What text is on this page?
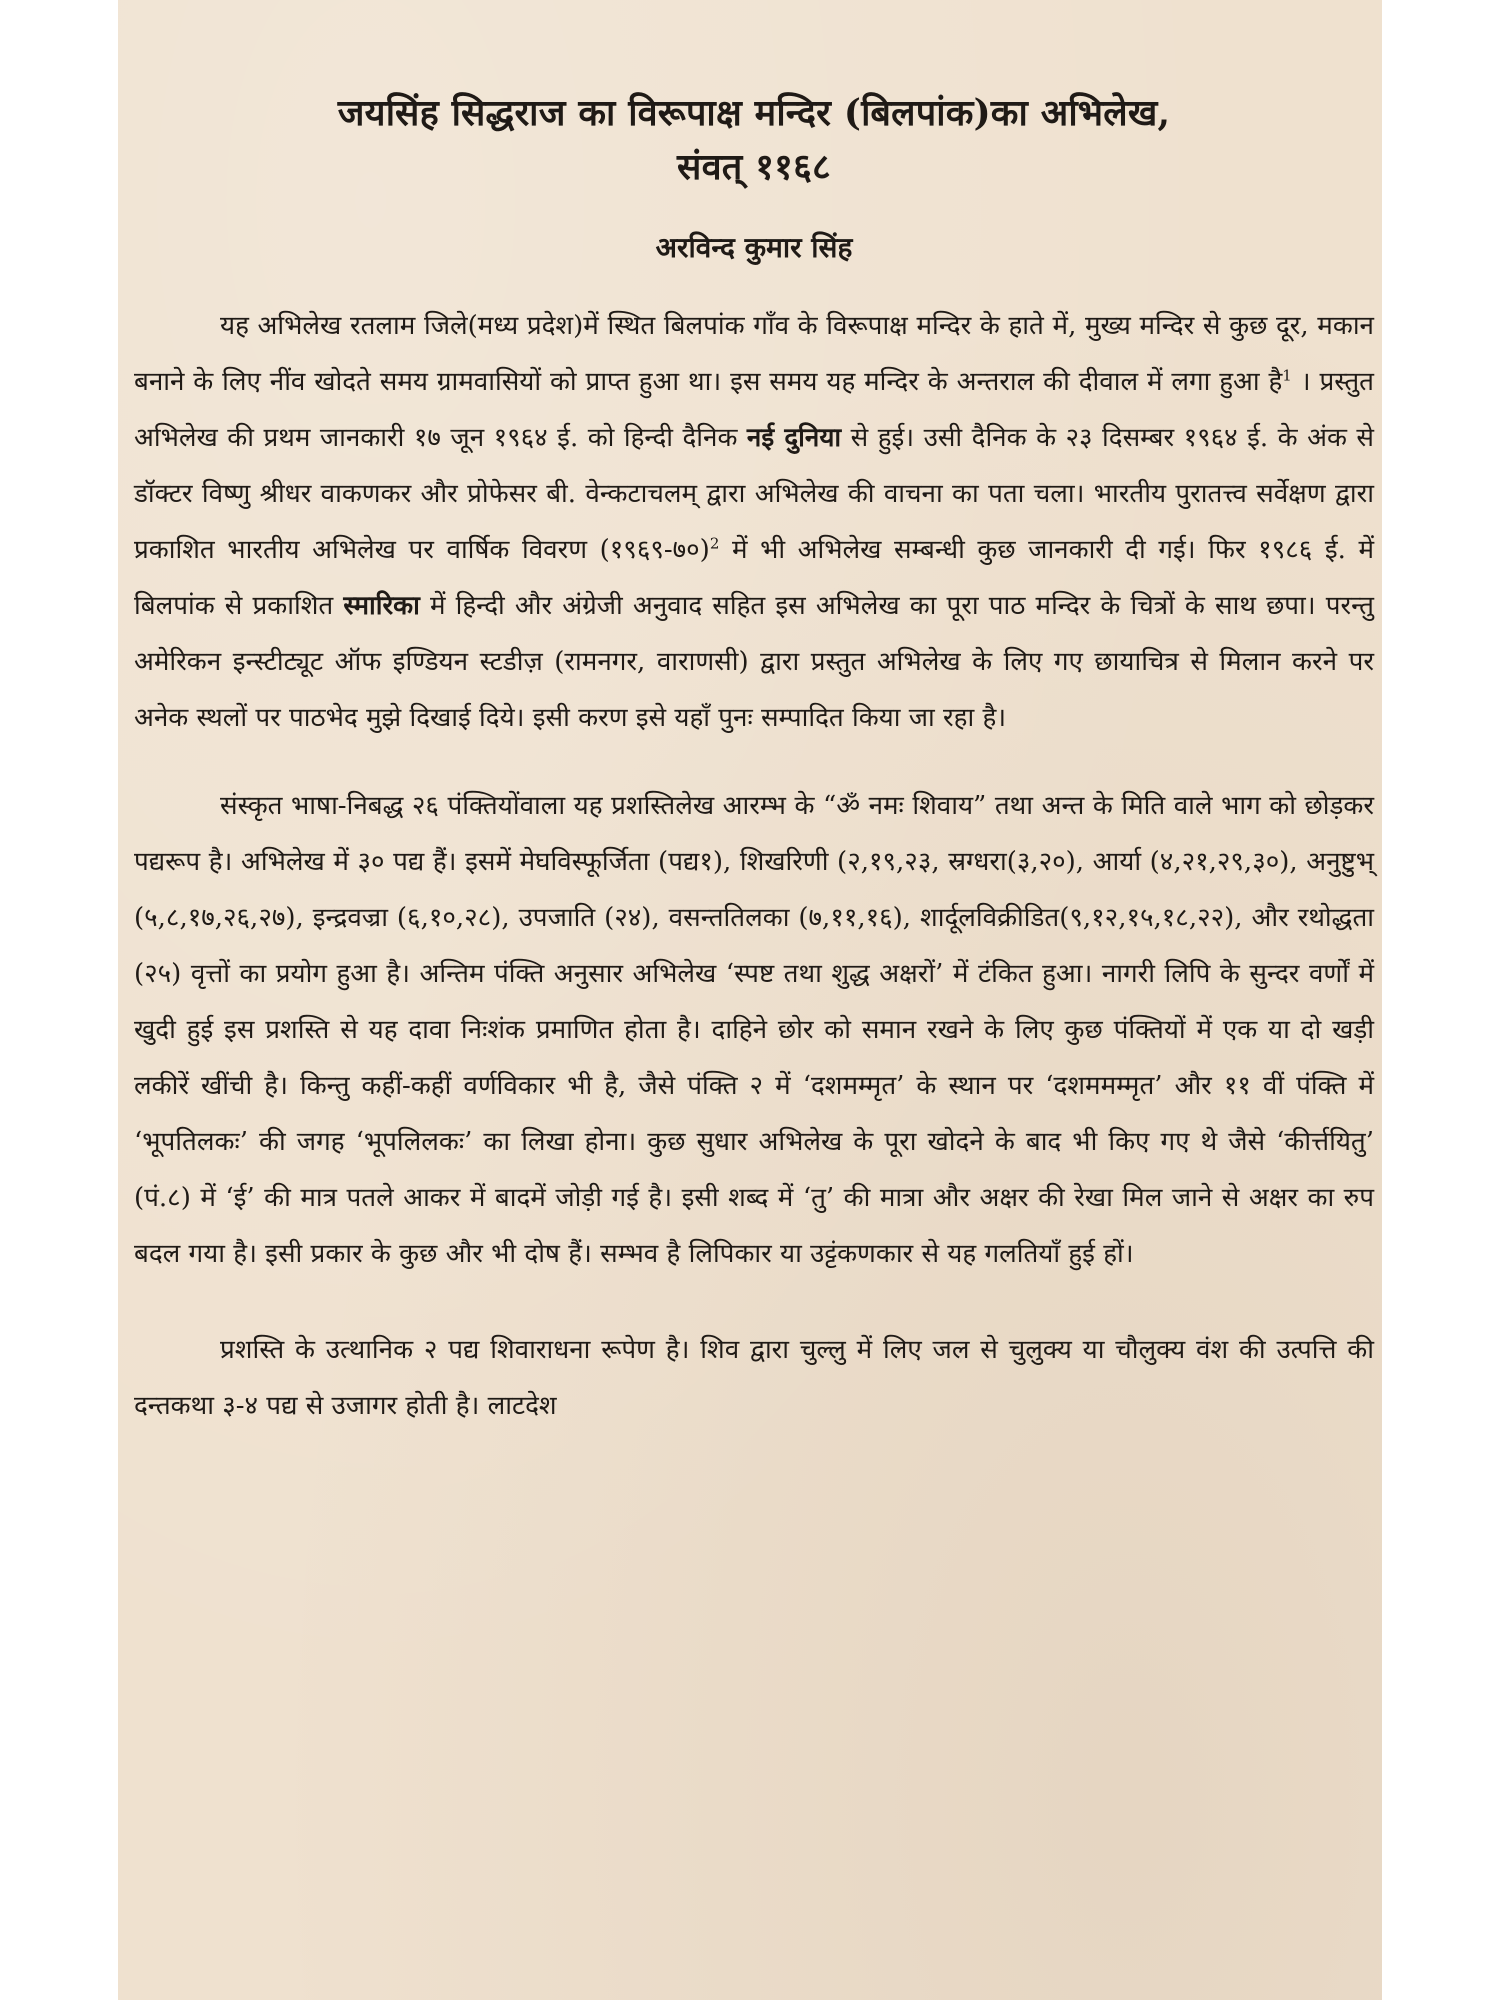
जयसिंह सिद्धराज का विरूपाक्ष मन्दिर (बिलपांक)का अभिलेख,
संवत् ११६८
अरविन्द कुमार सिंह

यह अभिलेख रतलाम जिले(मध्य प्रदेश)में स्थित बिलपांक गाँव के विरूपाक्ष मन्दिर के हाते में, मुख्य मन्दिर से कुछ दूर, मकान बनाने के लिए नींव खोदते समय ग्रामवासियों को प्राप्त हुआ था। इस समय यह मन्दिर के अन्तराल की दीवाल में लगा हुआ है$^1$ । प्रस्तुत अभिलेख की प्रथम जानकारी १७ जून १९६४ ई. को हिन्दी दैनिक नई दुनिया से हुई। उसी दैनिक के २३ दिसम्बर १९६४ ई. के अंक से डॉक्टर विष्णु श्रीधर वाकणकर और प्रोफेसर बी. वेन्कटाचलम् द्वारा अभिलेख की वाचना का पता चला। भारतीय पुरातत्त्व सर्वेक्षण द्वारा प्रकाशित भारतीय अभिलेख पर वार्षिक विवरण (१९६९-७०)$^2$ में भी अभिलेख सम्बन्धी कुछ जानकारी दी गई। फिर १९८६ ई. में बिलपांक से प्रकाशित स्मारिका में हिन्दी और अंग्रेजी अनुवाद सहित इस अभिलेख का पूरा पाठ मन्दिर के चित्रों के साथ छपा। परन्तु अमेरिकन इन्स्टीट्यूट ऑफ इण्डियन स्टडीज़ (रामनगर, वाराणसी) द्वारा प्रस्तुत अभिलेख के लिए गए छायाचित्र से मिलान करने पर अनेक स्थलों पर पाठभेद मुझे दिखाई दिये। इसी करण इसे यहाँ पुनः सम्पादित किया जा रहा है।

संस्कृत भाषा-निबद्ध २६ पंक्तियोंवाला यह प्रशस्तिलेख आरम्भ के “ॐ नमः शिवाय” तथा अन्त के मिति वाले भाग को छोड़कर पद्यरूप है। अभिलेख में ३० पद्य हैं। इसमें मेघविस्फूर्जिता (पद्य१), शिखरिणी (२,१९,२३, स्रग्धरा(३,२०), आर्या (४,२१,२९,३०), अनुष्टुभ् (५,८,१७,२६,२७), इन्द्रवज्रा (६,१०,२८), उपजाति (२४), वसन्ततिलका (७,११,१६), शार्दूलविक्रीडित(९,१२,१५,१८,२२), और रथोद्धता (२५) वृत्तों का प्रयोग हुआ है। अन्तिम पंक्ति अनुसार अभिलेख ‘स्पष्ट तथा शुद्ध अक्षरों’ में टंकित हुआ। नागरी लिपि के सुन्दर वर्णों में खुदी हुई इस प्रशस्ति से यह दावा निःशंक प्रमाणित होता है। दाहिने छोर को समान रखने के लिए कुछ पंक्तियों में एक या दो खड़ी लकीरें खींची है। किन्तु कहीं-कहीं वर्णविकार भी है, जैसे पंक्ति २ में ‘दशमम्मृत’ के स्थान पर ‘दशममम्मृत’ और ११ वीं पंक्ति में ‘भूपतिलकः’ की जगह ‘भूपलिलकः’ का लिखा होना। कुछ सुधार अभिलेख के पूरा खोदने के बाद भी किए गए थे जैसे ‘कीर्त्तयितु’ (पं.८) में ‘ई’ की मात्र पतले आकर में बादमें जोड़ी गई है। इसी शब्द में ‘तु’ की मात्रा और अक्षर की रेखा मिल जाने से अक्षर का रुप बदल गया है। इसी प्रकार के कुछ और भी दोष हैं। सम्भव है लिपिकार या उट्टंकणकार से यह गलतियाँ हुई हों।

प्रशस्ति के उत्थानिक २ पद्य शिवाराधना रूपेण है। शिव द्वारा चुल्लु में लिए जल से चुलुक्य या चौलुक्य वंश की उत्पत्ति की दन्तकथा ३-४ पद्य से उजागर होती है। लाटदेश
